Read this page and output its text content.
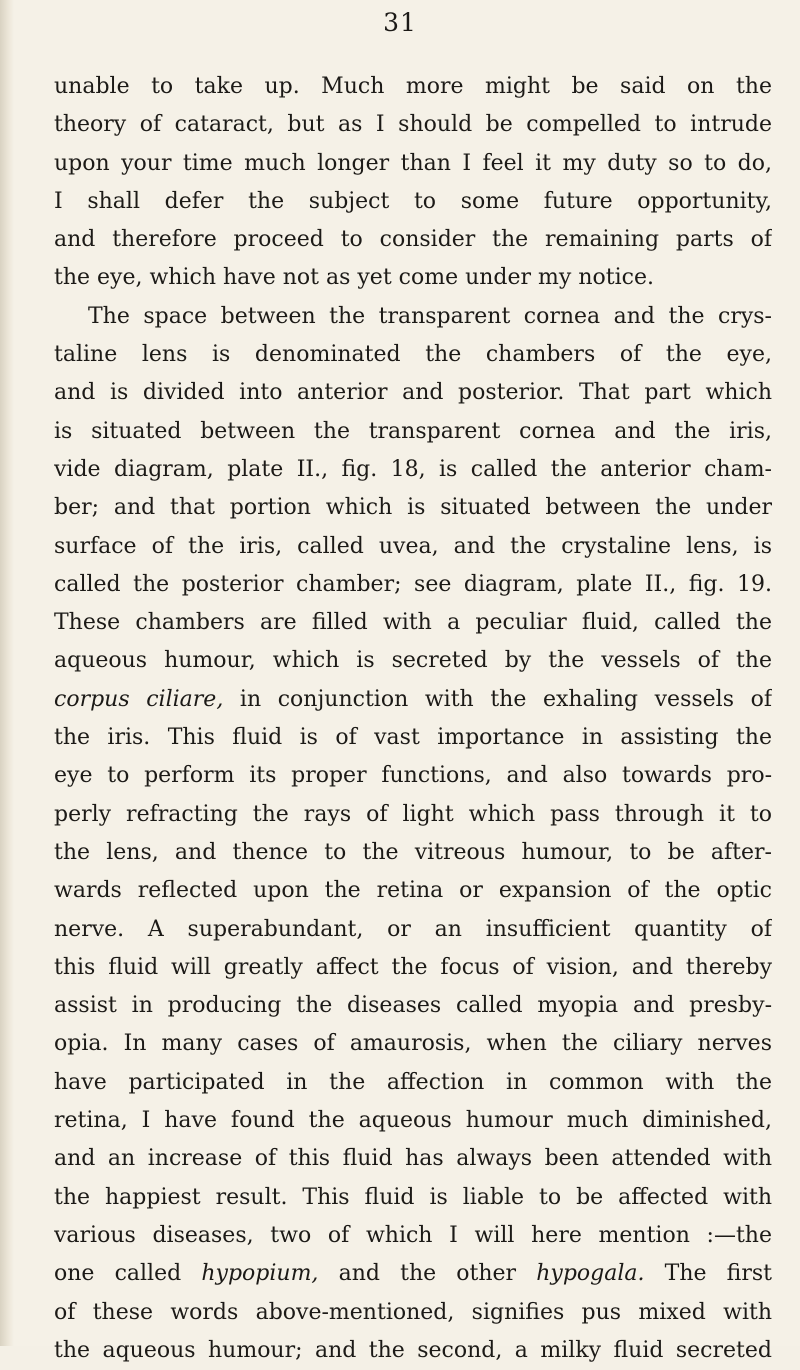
31
unable to take up. Much more might be said on the
theory of cataract, but as I should be compelled to intrude
upon your time much longer than I feel it my duty so to do,
I shall defer the subject to some future opportunity,
and therefore proceed to consider the remaining parts of
the eye, which have not as yet come under my notice.
The space between the transparent cornea and the crys-
taline lens is denominated the chambers of the eye,
and is divided into anterior and posterior. That part which
is situated between the transparent cornea and the iris,
vide diagram, plate II., fig. 18, is called the anterior cham-
ber; and that portion which is situated between the under
surface of the iris, called uvea, and the crystaline lens, is
called the posterior chamber; see diagram, plate II., fig. 19.
These chambers are filled with a peculiar fluid, called the
aqueous humour, which is secreted by the vessels of the
corpus ciliare, in conjunction with the exhaling vessels of
the iris. This fluid is of vast importance in assisting the
eye to perform its proper functions, and also towards pro-
perly refracting the rays of light which pass through it to
the lens, and thence to the vitreous humour, to be after-
wards reflected upon the retina or expansion of the optic
nerve. A superabundant, or an insufficient quantity of
this fluid will greatly affect the focus of vision, and thereby
assist in producing the diseases called myopia and presby-
opia. In many cases of amaurosis, when the ciliary nerves
have participated in the affection in common with the
retina, I have found the aqueous humour much diminished,
and an increase of this fluid has always been attended with
the happiest result. This fluid is liable to be affected with
various diseases, two of which I will here mention :—the
one called hypopium, and the other hypogala. The first
of these words above-mentioned, signifies pus mixed with
the aqueous humour; and the second, a milky fluid secreted
